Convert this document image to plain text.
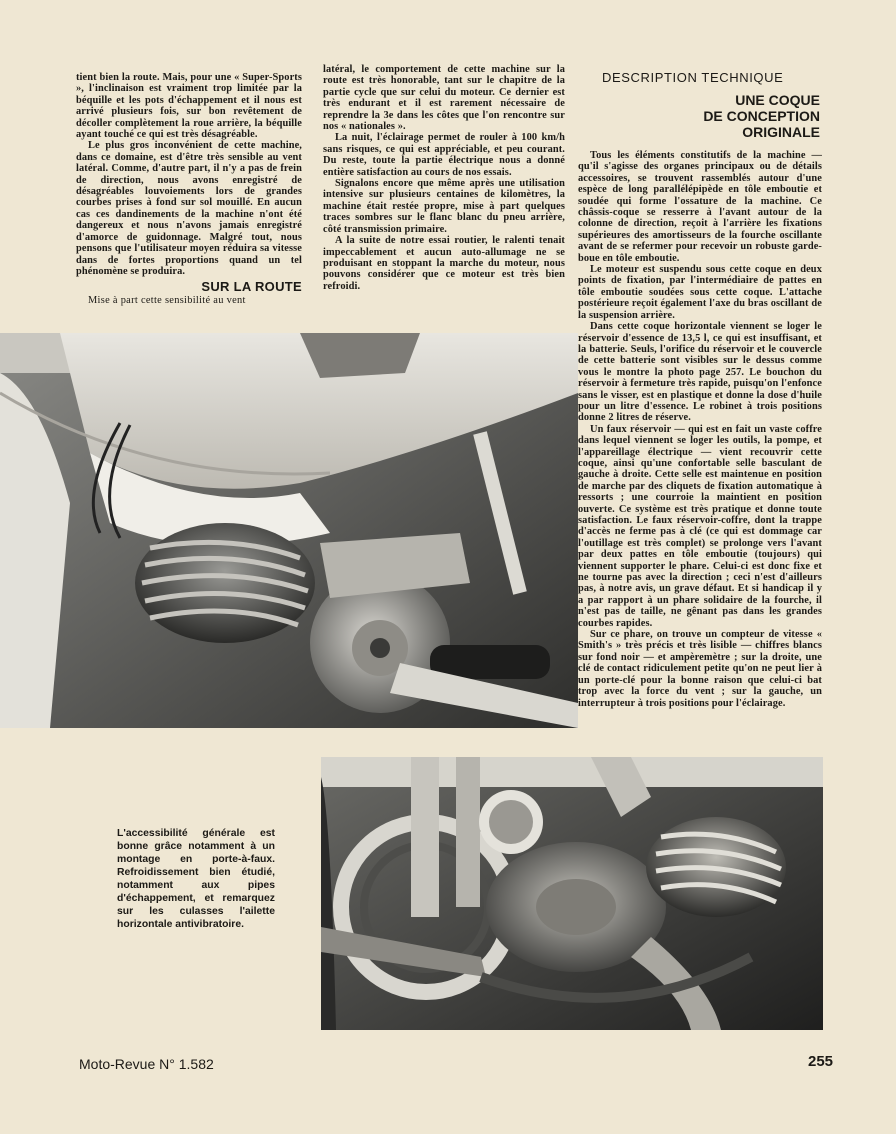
tient bien la route. Mais, pour une « Super-Sports », l'inclinaison est vraiment trop limitée par la béquille et les pots d'échappement et il nous est arrivé plusieurs fois, sur bon revêtement de décoller complètement la roue arrière, la béquille ayant touché ce qui est très désagréable.

Le plus gros inconvénient de cette machine, dans ce domaine, est d'être très sensible au vent latéral. Comme, d'autre part, il n'y a pas de frein de direction, nous avons enregistré de désagréables louvoiements lors de grandes courbes prises à fond sur sol mouillé. En aucun cas ces dandinements de la machine n'ont été dangereux et nous n'avons jamais enregistré d'amorce de guidonnage. Malgré tout, nous pensons que l'utilisateur moyen réduira sa vitesse dans de fortes proportions quand un tel phénomène se produira.

SUR LA ROUTE

Mise à part cette sensibilité au vent

latéral, le comportement de cette machine sur la route est très honorable, tant sur le chapitre de la partie cycle que sur celui du moteur. Ce dernier est très endurant et il est rarement nécessaire de reprendre la 3e dans les côtes que l'on rencontre sur nos « nationales ».

La nuit, l'éclairage permet de rouler à 100 km/h sans risques, ce qui est appréciable, et peu courant. Du reste, toute la partie électrique nous a donné entière satisfaction au cours de nos essais.

Signalons encore que même après une utilisation intensive sur plusieurs centaines de kilomètres, la machine était restée propre, mise à part quelques traces sombres sur le flanc blanc du pneu arrière, côté transmission primaire.

A la suite de notre essai routier, le ralenti tenait impeccablement et aucun auto-allumage ne se produisant en stoppant la marche du moteur, nous pouvons considérer que ce moteur est très bien refroidi.

DESCRIPTION TECHNIQUE
UNE COQUE
DE CONCEPTION
ORIGINALE

Tous les éléments constitutifs de la machine — qu'il s'agisse des organes principaux ou de détails accessoires, se trouvent rassemblés autour d'une espèce de long parallélépipède en tôle emboutie et soudée qui forme l'ossature de la machine. Ce châssis-coque se resserre à l'avant autour de la colonne de direction, reçoit à l'arrière les fixations supérieures des amortisseurs de la fourche oscillante avant de se refermer pour recevoir un robuste garde-boue en tôle emboutie.

Le moteur est suspendu sous cette coque en deux points de fixation, par l'intermédiaire de pattes en tôle emboutie soudées sous cette coque. L'attache postérieure reçoit également l'axe du bras oscillant de la suspension arrière.

Dans cette coque horizontale viennent se loger le réservoir d'essence de 13,5 l, ce qui est insuffisant, et la batterie. Seuls, l'orifice du réservoir et le couvercle de cette batterie sont visibles sur le dessus comme vous le montre la photo page 257. Le bouchon du réservoir à fermeture très rapide, puisqu'on l'enfonce sans le visser, est en plastique et donne la dose d'huile pour un litre d'essence. Le robinet à trois positions donne 2 litres de réserve.

Un faux réservoir — qui est en fait un vaste coffre dans lequel viennent se loger les outils, la pompe, et l'appareillage électrique — vient recouvrir cette coque, ainsi qu'une confortable selle basculant de gauche à droite. Cette selle est maintenue en position de marche par des cliquets de fixation automatique à ressorts ; une courroie la maintient en position ouverte. Ce système est très pratique et donne toute satisfaction. Le faux réservoir-coffre, dont la trappe d'accès ne ferme pas à clé (ce qui est dommage car l'outillage est très complet) se prolonge vers l'avant par deux pattes en tôle emboutie (toujours) qui viennent supporter le phare. Celui-ci est donc fixe et ne tourne pas avec la direction ; ceci n'est d'ailleurs pas, à notre avis, un grave défaut. Et si handicap il y a par rapport à un phare solidaire de la fourche, il n'est pas de taille, ne gênant pas dans les grandes courbes rapides.

Sur ce phare, on trouve un compteur de vitesse « Smith's » très précis et très lisible — chiffres blancs sur fond noir — et ampèremètre ; sur la droite, une clé de contact ridiculement petite qu'on ne peut lier à un porte-clé pour la bonne raison que celui-ci bat trop avec la force du vent ; sur la gauche, un interrupteur à trois positions pour l'éclairage.

L'accessibilité générale est bonne grâce notamment à un montage en porte-à-faux. Refroidissement bien étudié, notamment aux pipes d'échappement, et remarquez sur les culasses l'ailette horizontale antivibratoire.
Moto-Revue N° 1.582	255
